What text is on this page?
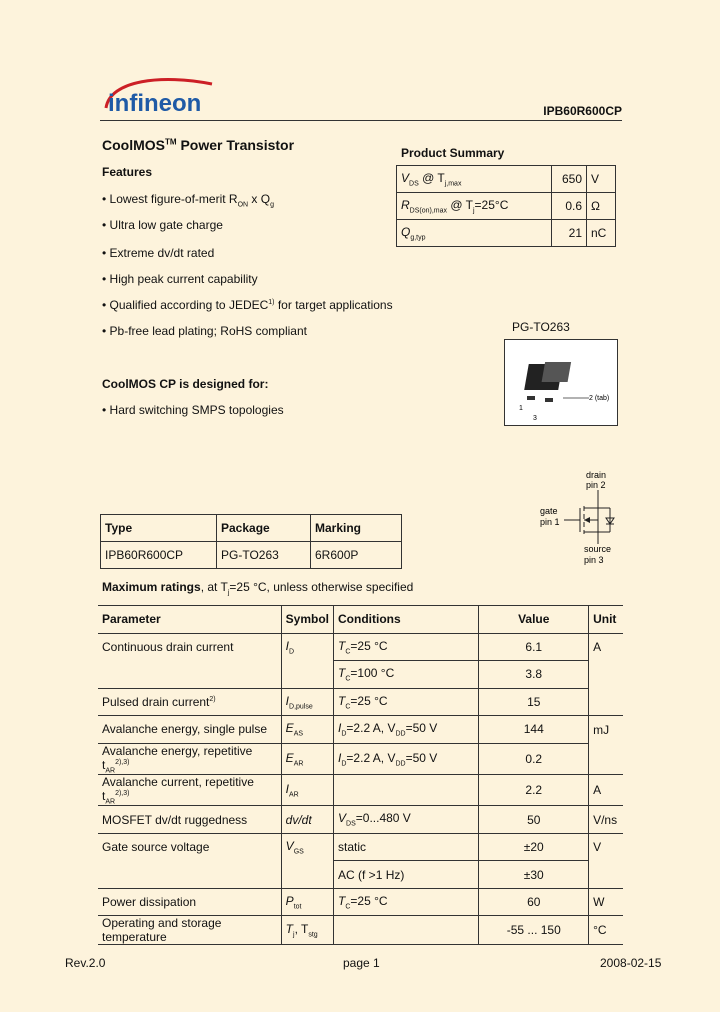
infineon	IPB60R600CP
CoolMOS™ Power Transistor
Features
• Lowest figure-of-merit $R_{ON}$ x $Q_g$
• Ultra low gate charge
• Extreme dv/dt rated
• High peak current capability
• Qualified according to JEDEC$^{1)}$ for target applications
• Pb-free lead plating; RoHS compliant
Product Summary
$V_{DS}$ @ $T_{j,max}$	650	V
$R_{DS(on),max}$ @ $T_j=25^\circ C$	0.6	Ω
$Q_{g,typ}$	21	nC
PG-TO263
2 (tab)
1
3
drain
pin 2
gate
pin 1
source
pin 3
CoolMOS CP is designed for:
• Hard switching SMPS topologies
Type	Package	Marking
IPB60R600CP	PG-TO263	6R600P
Maximum ratings, at $T_j=25$ °C, unless otherwise specified
Parameter	Symbol	Conditions	Value	Unit
Continuous drain current	$I_D$	$T_C=25$ °C	6.1	A
		$T_C=100$ °C	3.8	
Pulsed drain current$^{2)}$	$I_{D,pulse}$	$T_C=25$ °C	15	
Avalanche energy, single pulse	$E_{AS}$	$I_D=2.2$ A, $V_{DD}=50$ V	144	mJ
Avalanche energy, repetitive $t_{AR}^{2),3)}$	$E_{AR}$	$I_D=2.2$ A, $V_{DD}=50$ V	0.2	
Avalanche current, repetitive $t_{AR}^{2),3)}$	$I_{AR}$		2.2	A
MOSFET dv/dt ruggedness	dv/dt	$V_{DS}=0...480$ V	50	V/ns
Gate source voltage	$V_{GS}$	static	±20	V
		AC (f >1 Hz)	±30	
Power dissipation	$P_{tot}$	$T_C=25$ °C	60	W
Operating and storage temperature	$T_j$, $T_{stg}$		-55 ... 150	°C
Rev.2.0	page 1	2008-02-15
